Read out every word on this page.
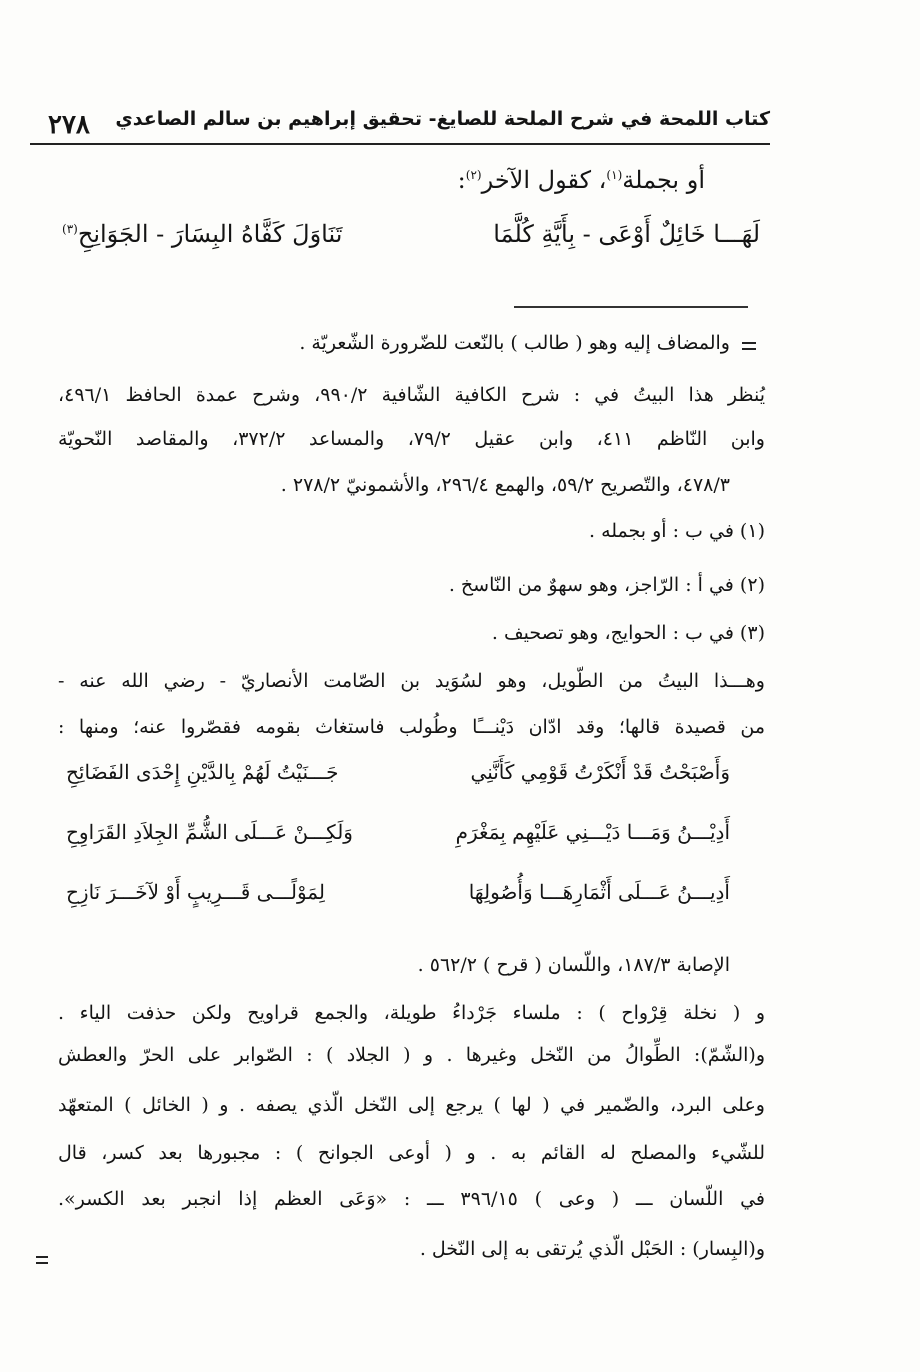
كتاب اللمحة في شرح الملحة للصايغ- تحقيق إبراهيم بن سالم الصاعدي
٢٧٨
أو بجملة$^{(١)}$، كقول الآخر$^{(٢)}$:
لَهَـــا خَائِلٌ أَوْعَى - بِأَيَّةِ كُلَّمَا
تَنَاوَلَ كَفَّاهُ البِسَارَ - الجَوَانِحِ$^{(٣)}$
والمضاف إليه وهو ( طالب ) بالنّعت للضّرورة الشّعريّة .
يُنظر هذا البيتُ في : شرح الكافية الشّافية ٩٩٠/٢، وشرح عمدة الحافظ ٤٩٦/١،
وابن النّاظم ٤١١، وابن عقيل ٧٩/٢، والمساعد ٣٧٢/٢، والمقاصد النّحويّة
٤٧٨/٣، والتّصريح ٥٩/٢، والهمع ٢٩٦/٤، والأشمونيّ ٢٧٨/٢ .
(١) في ب : أو بجمله .
(٢) في أ : الرّاجز، وهو سهوٌ من النّاسخ .
(٣) في ب : الحوايج، وهو تصحيف .
وهـــذا البيتُ من الطّويل، وهو لسُوَيد بن الصّامت الأنصاريّ - رضي الله عنه -
من قصيدة قالها؛ وقد ادّان دَيْنـــًا وطُولب فاستغاث بقومه فقصّروا عنه؛ ومنها :
وَأَصْبَحْتُ قَدْ أَنْكَرْتُ قَوْمِي كَأَنَّنِي
جَـــنَيْتُ لَهُمْ بِالدَّيْنِ إِحْدَى الفَضَائِحِ
أَدِيْـــنُ وَمَـــا دَيْـــنِي عَلَيْهِم بِمَغْرَمِ
وَلَكِـــنْ عَـــلَى الشُّمِّ الجِلاَدِ القَرَاوِحِ
أَدِيـــنُ عَـــلَى أَثْمَارِهَـــا وَأُصُولِهَا
لِمَوْلًـــى قَـــرِيبٍ أَوْ لآخَـــرَ نَازِحِ
الإصابة ١٨٧/٣، واللّسان ( قرح ) ٥٦٢/٢ .
و ( نخلة قِرْواح ) : ملساء جَرْداءُ طويلة، والجمع قراويح ولكن حذفت الياء .
و(الشّمّ): الطِّوالُ من النّخل وغيرها . و ( الجلاد ) : الصّوابر على الحرّ والعطش
وعلى البرد، والضّمير في ( لها ) يرجع إلى النّخل الّذي يصفه . و ( الخائل ) المتعهّد
للشّيء والمصلح له القائم به . و ( أوعى الجوانح ) : مجبورها بعد كسر، قال
في اللّسان ـــ ( وعى ) ٣٩٦/١٥ ـــ : «وَعَى العظم إذا انجبر بعد الكسر».
و(البِسار) : الحَبْل الّذي يُرتقى به إلى النّخل .
